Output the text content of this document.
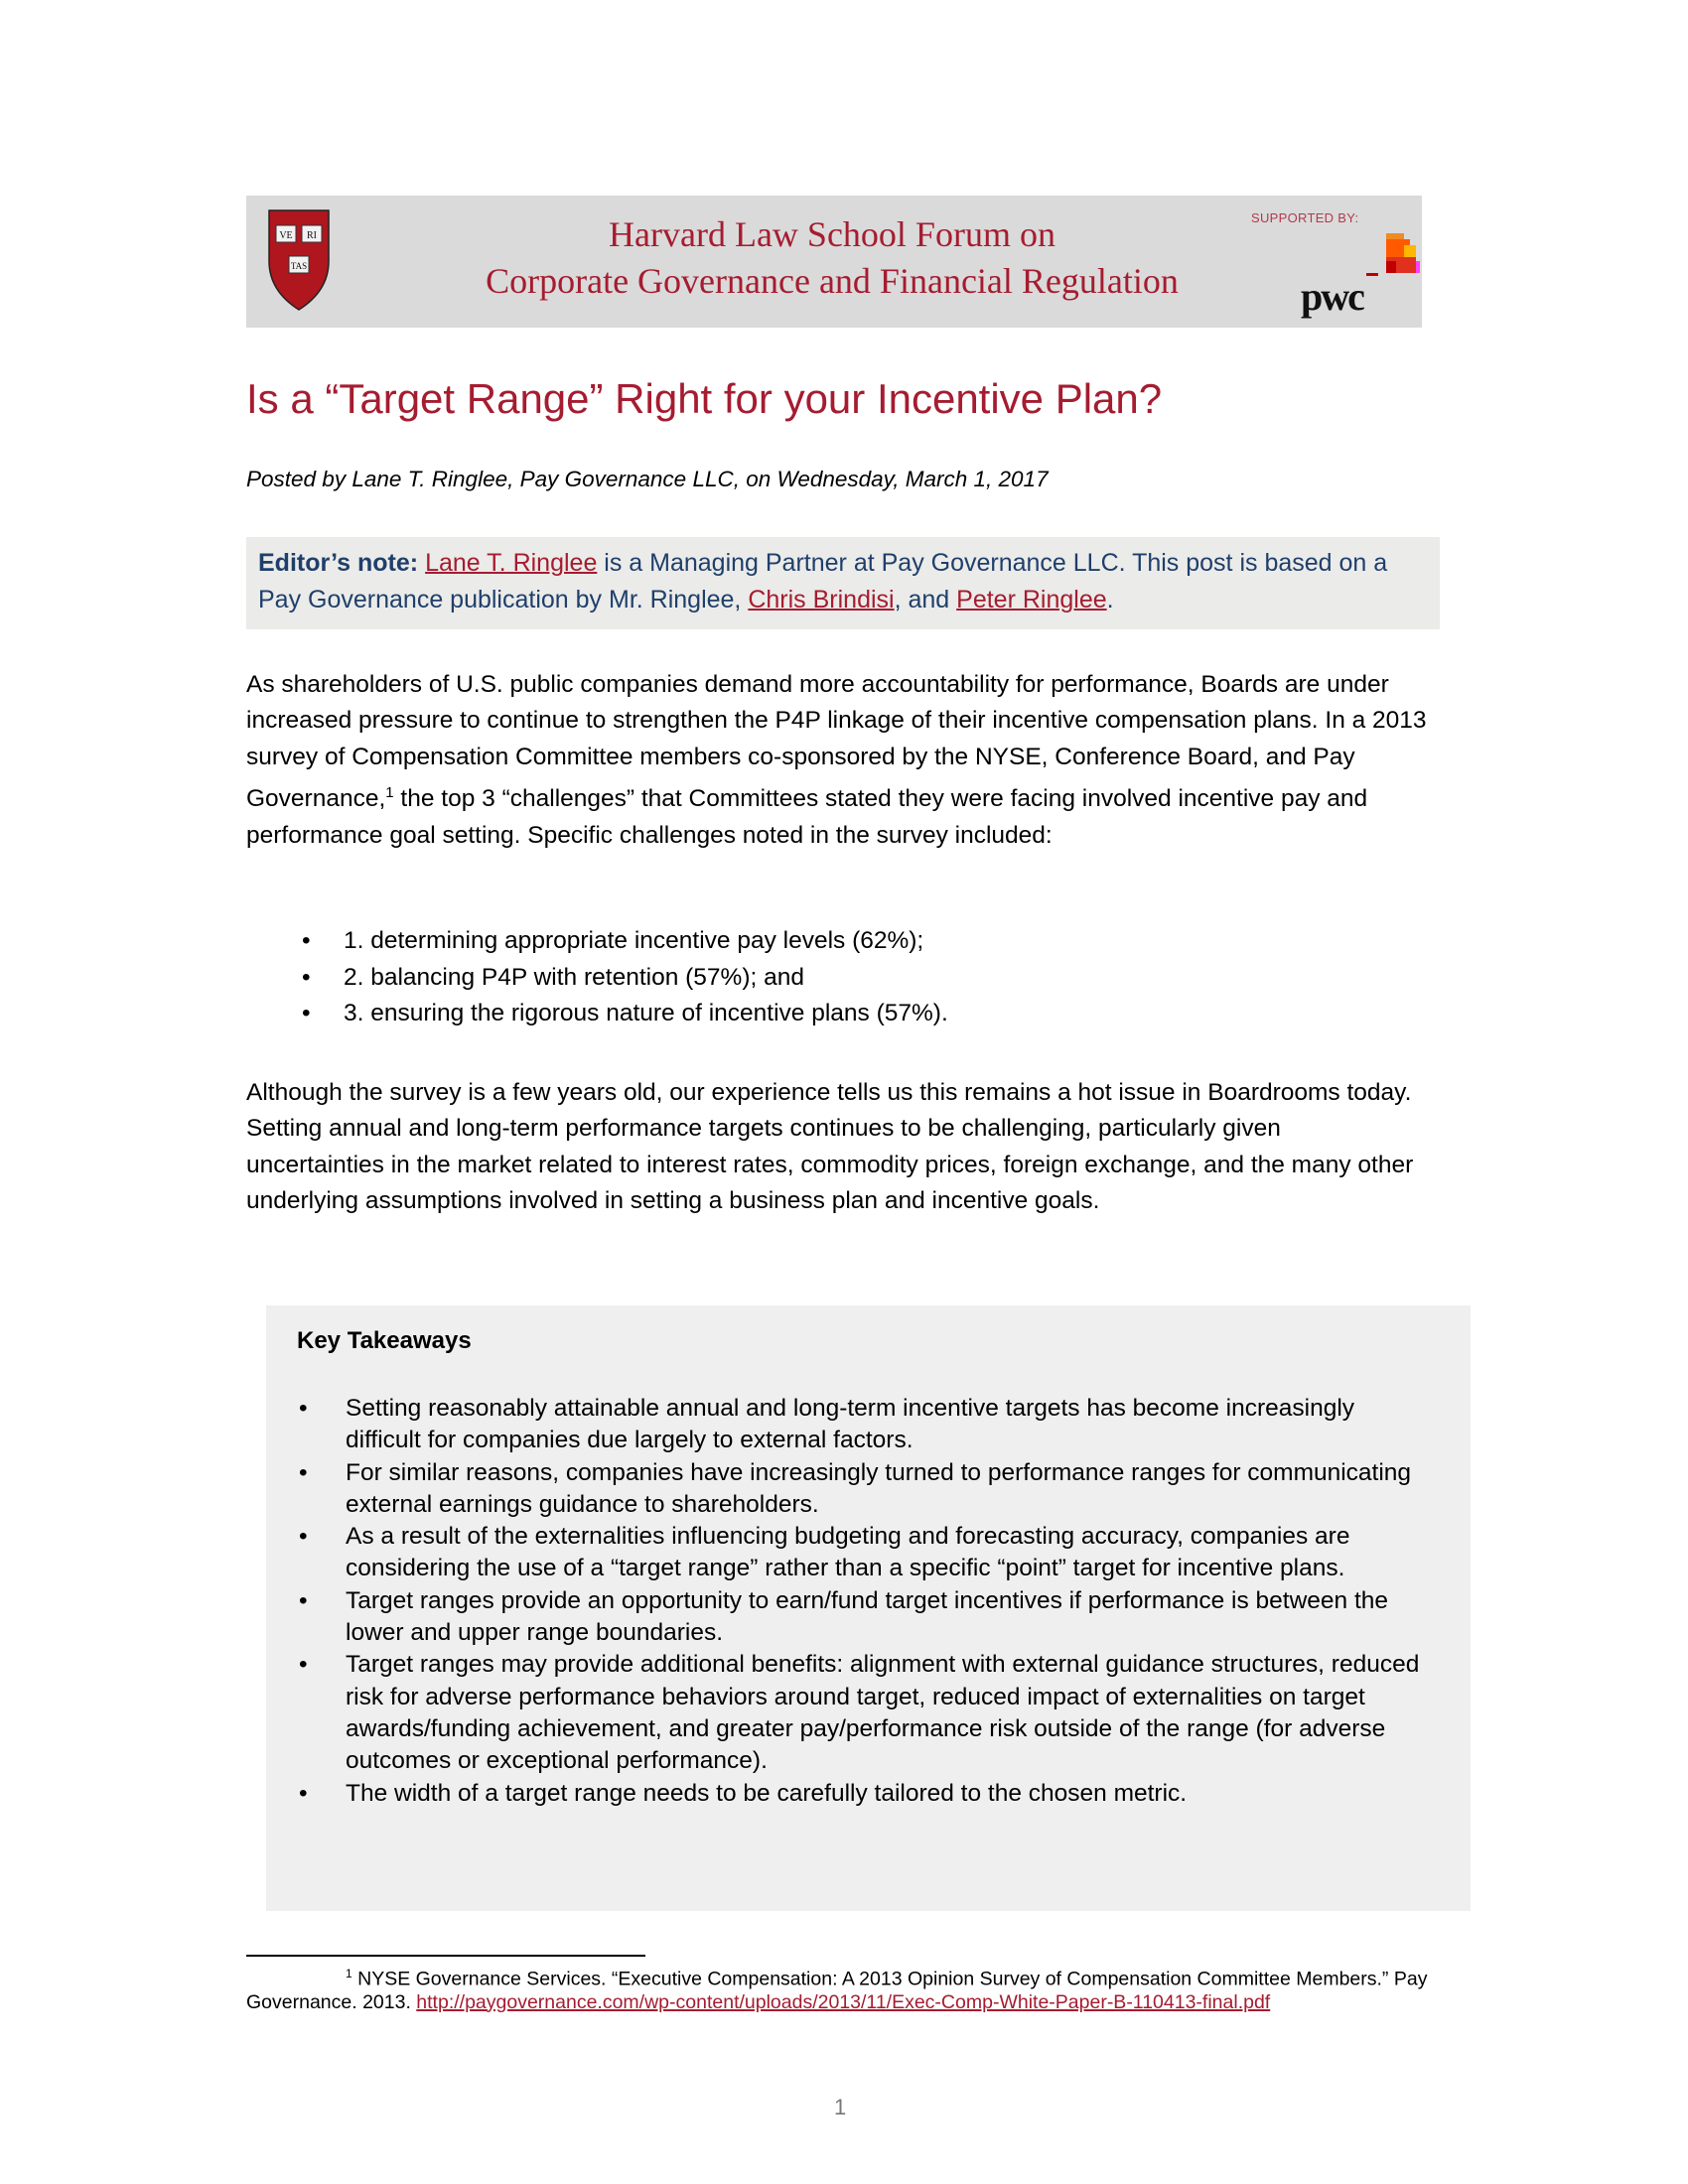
VE RI
TAS
Harvard Law School Forum on
Corporate Governance and Financial Regulation
SUPPORTED BY:
pwc
Is a “Target Range” Right for your Incentive Plan?
Posted by Lane T. Ringlee, Pay Governance LLC, on Wednesday, March 1, 2017
Editor’s note: Lane T. Ringlee is a Managing Partner at Pay Governance LLC. This post is based on a Pay Governance publication by Mr. Ringlee, Chris Brindisi, and Peter Ringlee.

As shareholders of U.S. public companies demand more accountability for performance, Boards are under increased pressure to continue to strengthen the P4P linkage of their incentive compensation plans. In a 2013 survey of Compensation Committee members co-sponsored by the NYSE, Conference Board, and Pay Governance,$^1$ the top 3 “challenges” that Committees stated they were facing involved incentive pay and performance goal setting. Specific challenges noted in the survey included:

• 1. determining appropriate incentive pay levels (62%);
• 2. balancing P4P with retention (57%); and
• 3. ensuring the rigorous nature of incentive plans (57%).

Although the survey is a few years old, our experience tells us this remains a hot issue in Boardrooms today. Setting annual and long-term performance targets continues to be challenging, particularly given uncertainties in the market related to interest rates, commodity prices, foreign exchange, and the many other underlying assumptions involved in setting a business plan and incentive goals.

Key Takeaways
• Setting reasonably attainable annual and long-term incentive targets has become increasingly difficult for companies due largely to external factors.
• For similar reasons, companies have increasingly turned to performance ranges for communicating external earnings guidance to shareholders.
• As a result of the externalities influencing budgeting and forecasting accuracy, companies are considering the use of a “target range” rather than a specific “point” target for incentive plans.
• Target ranges provide an opportunity to earn/fund target incentives if performance is between the lower and upper range boundaries.
• Target ranges may provide additional benefits: alignment with external guidance structures, reduced risk for adverse performance behaviors around target, reduced impact of externalities on target awards/funding achievement, and greater pay/performance risk outside of the range (for adverse outcomes or exceptional performance).
• The width of a target range needs to be carefully tailored to the chosen metric.
$^1$ NYSE Governance Services. “Executive Compensation: A 2013 Opinion Survey of Compensation Committee Members.” Pay Governance. 2013. http://paygovernance.com/wp-content/uploads/2013/11/Exec-Comp-White-Paper-B-110413-final.pdf
1
